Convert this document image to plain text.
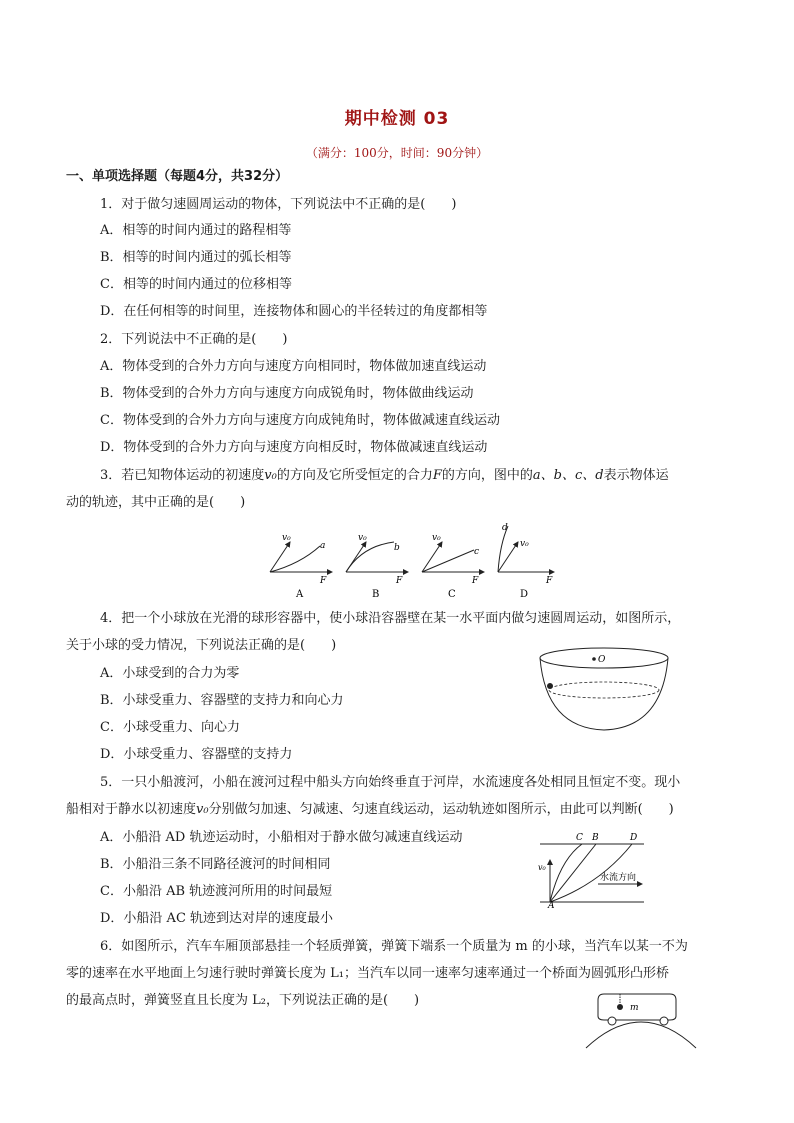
期中检测 03
（满分：100分，时间：90分钟）
一、单项选择题（每题4分，共32分）
1．对于做匀速圆周运动的物体，下列说法中不正确的是(　　)
A．相等的时间内通过的路程相等
B．相等的时间内通过的弧长相等
C．相等的时间内通过的位移相等
D．在任何相等的时间里，连接物体和圆心的半径转过的角度都相等
2．下列说法中不正确的是(　　)
A．物体受到的合外力方向与速度方向相同时，物体做加速直线运动
B．物体受到的合外力方向与速度方向成锐角时，物体做曲线运动
C．物体受到的合外力方向与速度方向成钝角时，物体做减速直线运动
D．物体受到的合外力方向与速度方向相反时，物体做减速直线运动
3．若已知物体运动的初速度v₀的方向及它所受恒定的合力F的方向，图中的a、b、c、d表示物体运
动的轨迹，其中正确的是(　　)
v₀
a
F
A
v₀
b
F
B
v₀
c
F
C
v₀
d
F
D
4．把一个小球放在光滑的球形容器中，使小球沿容器壁在某一水平面内做匀速圆周运动，如图所示，
关于小球的受力情况，下列说法正确的是(　　)
A．小球受到的合力为零
B．小球受重力、容器壁的支持力和向心力
C．小球受重力、向心力
D．小球受重力、容器壁的支持力
O
5．一只小船渡河，小船在渡河过程中船头方向始终垂直于河岸，水流速度各处相同且恒定不变。现小
船相对于静水以初速度v₀分别做匀加速、匀减速、匀速直线运动，运动轨迹如图所示，由此可以判断(　　)
A．小船沿 AD 轨迹运动时，小船相对于静水做匀减速直线运动
B．小船沿三条不同路径渡河的时间相同
C．小船沿 AB 轨迹渡河所用的时间最短
D．小船沿 AC 轨迹到达对岸的速度最小
C B	D
A
v₀
水流方向
6．如图所示，汽车车厢顶部悬挂一个轻质弹簧，弹簧下端系一个质量为 m 的小球，当汽车以某一不为
零的速率在水平地面上匀速行驶时弹簧长度为 L₁；当汽车以同一速率匀速率通过一个桥面为圆弧形凸形桥
的最高点时，弹簧竖直且长度为 L₂，下列说法正确的是(　　)	m
